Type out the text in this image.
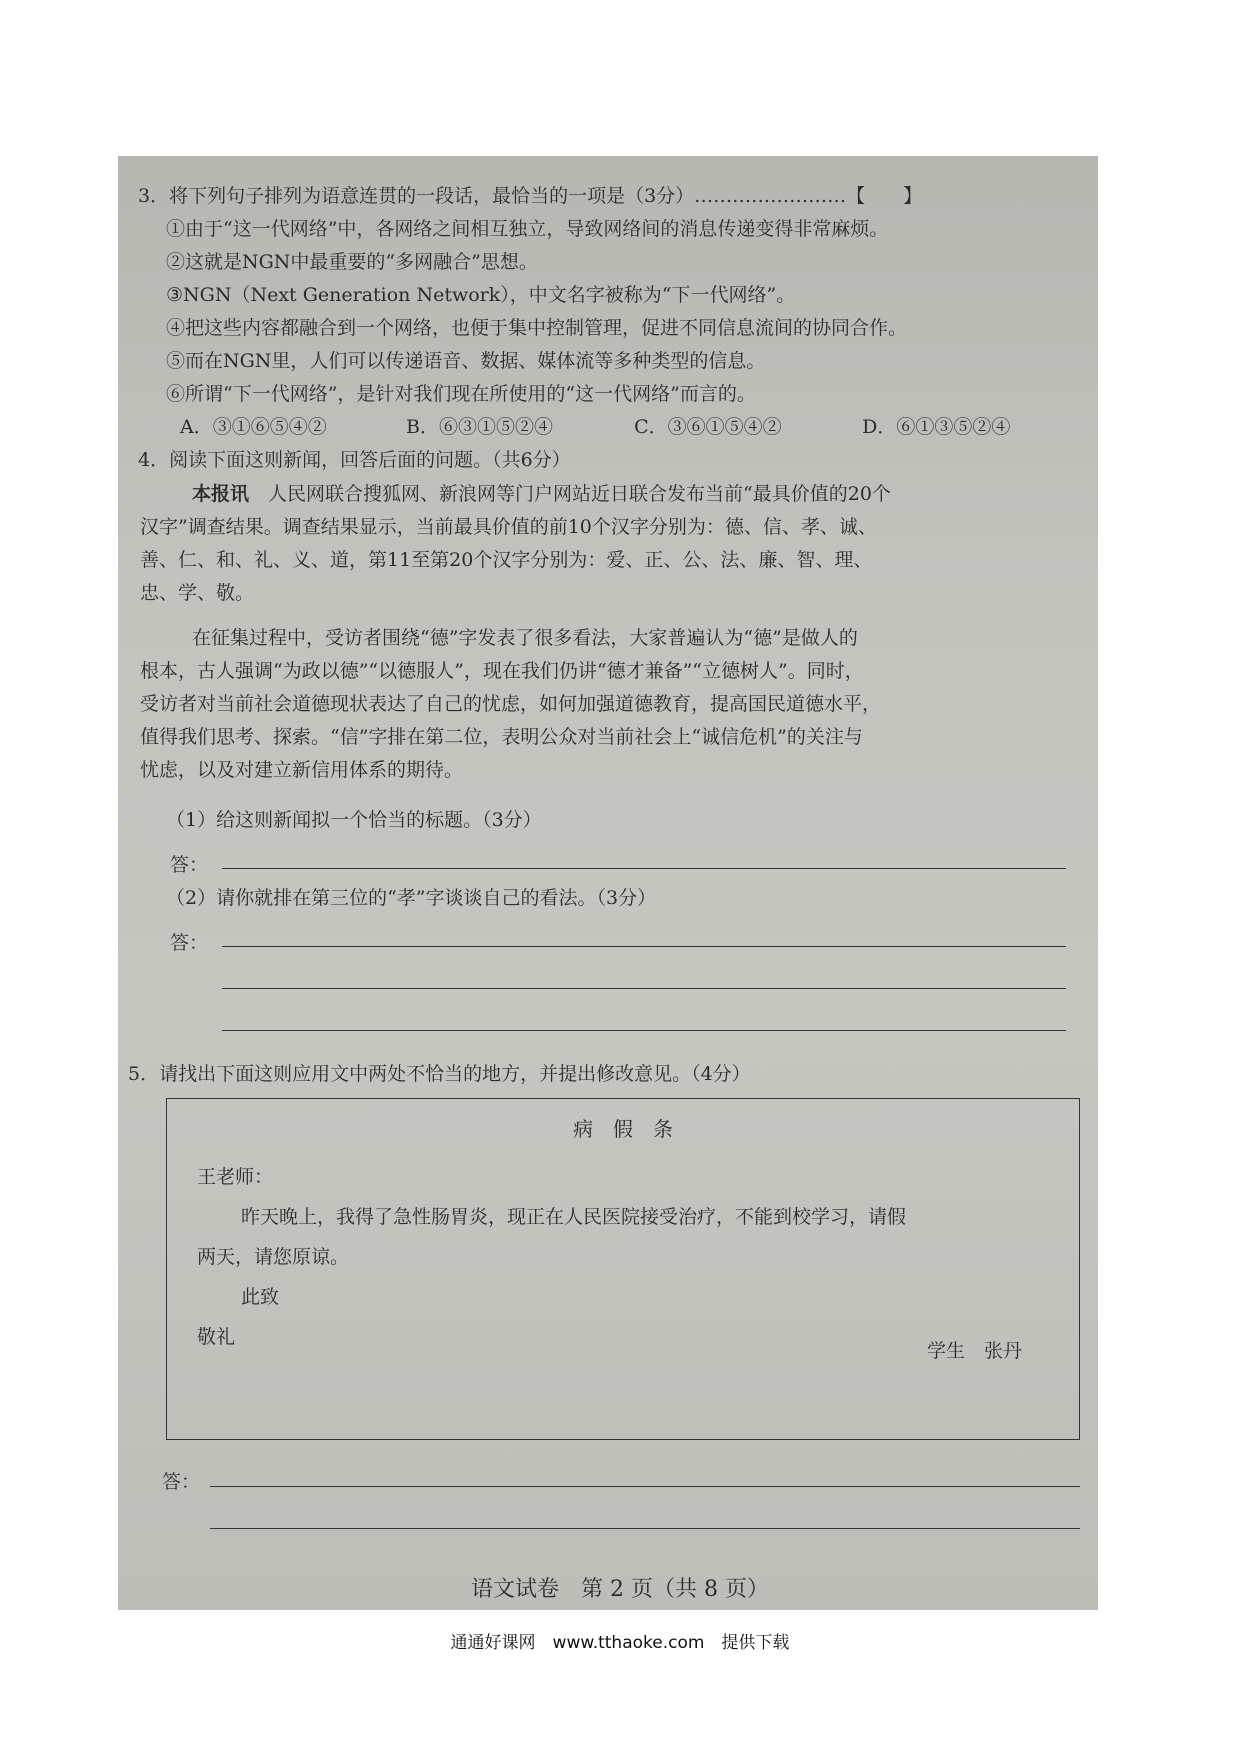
3．将下列句子排列为语意连贯的一段话，最恰当的一项是（3分）……………………【　　】
①由于“这一代网络”中，各网络之间相互独立，导致网络间的消息传递变得非常麻烦。
②这就是NGN中最重要的“多网融合”思想。
③NGN（Next Generation Network），中文名字被称为“下一代网络”。
④把这些内容都融合到一个网络，也便于集中控制管理，促进不同信息流间的协同合作。
⑤而在NGN里，人们可以传递语音、数据、媒体流等多种类型的信息。
⑥所谓“下一代网络”，是针对我们现在所使用的“这一代网络”而言的。
A．③①⑥⑤④②	B．⑥③①⑤②④	C．③⑥①⑤④②	D．⑥①③⑤②④
4．阅读下面这则新闻，回答后面的问题。（共6分）
本报讯　 人民网联合搜狐网、新浪网等门户网站近日联合发布当前“最具价值的20个
汉字”调查结果。调查结果显示，当前最具价值的前10个汉字分别为：德、信、孝、诚、
善、仁、和、礼、义、道，第11至第20个汉字分别为：爱、正、公、法、廉、智、理、
忠、学、敬。
在征集过程中，受访者围绕“德”字发表了很多看法，大家普遍认为“德”是做人的
根本，古人强调“为政以德”“以德服人”，现在我们仍讲“德才兼备”“立德树人”。同时，
受访者对当前社会道德现状表达了自己的忧虑，如何加强道德教育，提高国民道德水平，
值得我们思考、探索。“信”字排在第二位，表明公众对当前社会上“诚信危机”的关注与
忧虑，以及对建立新信用体系的期待。
（1）给这则新闻拟一个恰当的标题。（3分）
答：
（2）请你就排在第三位的“孝”字谈谈自己的看法。（3分）
答：
5．请找出下面这则应用文中两处不恰当的地方，并提出修改意见。（4分）
病　假　条
王老师：
昨天晚上，我得了急性肠胃炎，现正在人民医院接受治疗，不能到校学习，请假
两天，请您原谅。
此致
敬礼
学生　张丹
答：
语文试卷　第 2 页（共 8 页）
通通好课网　www.tthaoke.com　提供下载
